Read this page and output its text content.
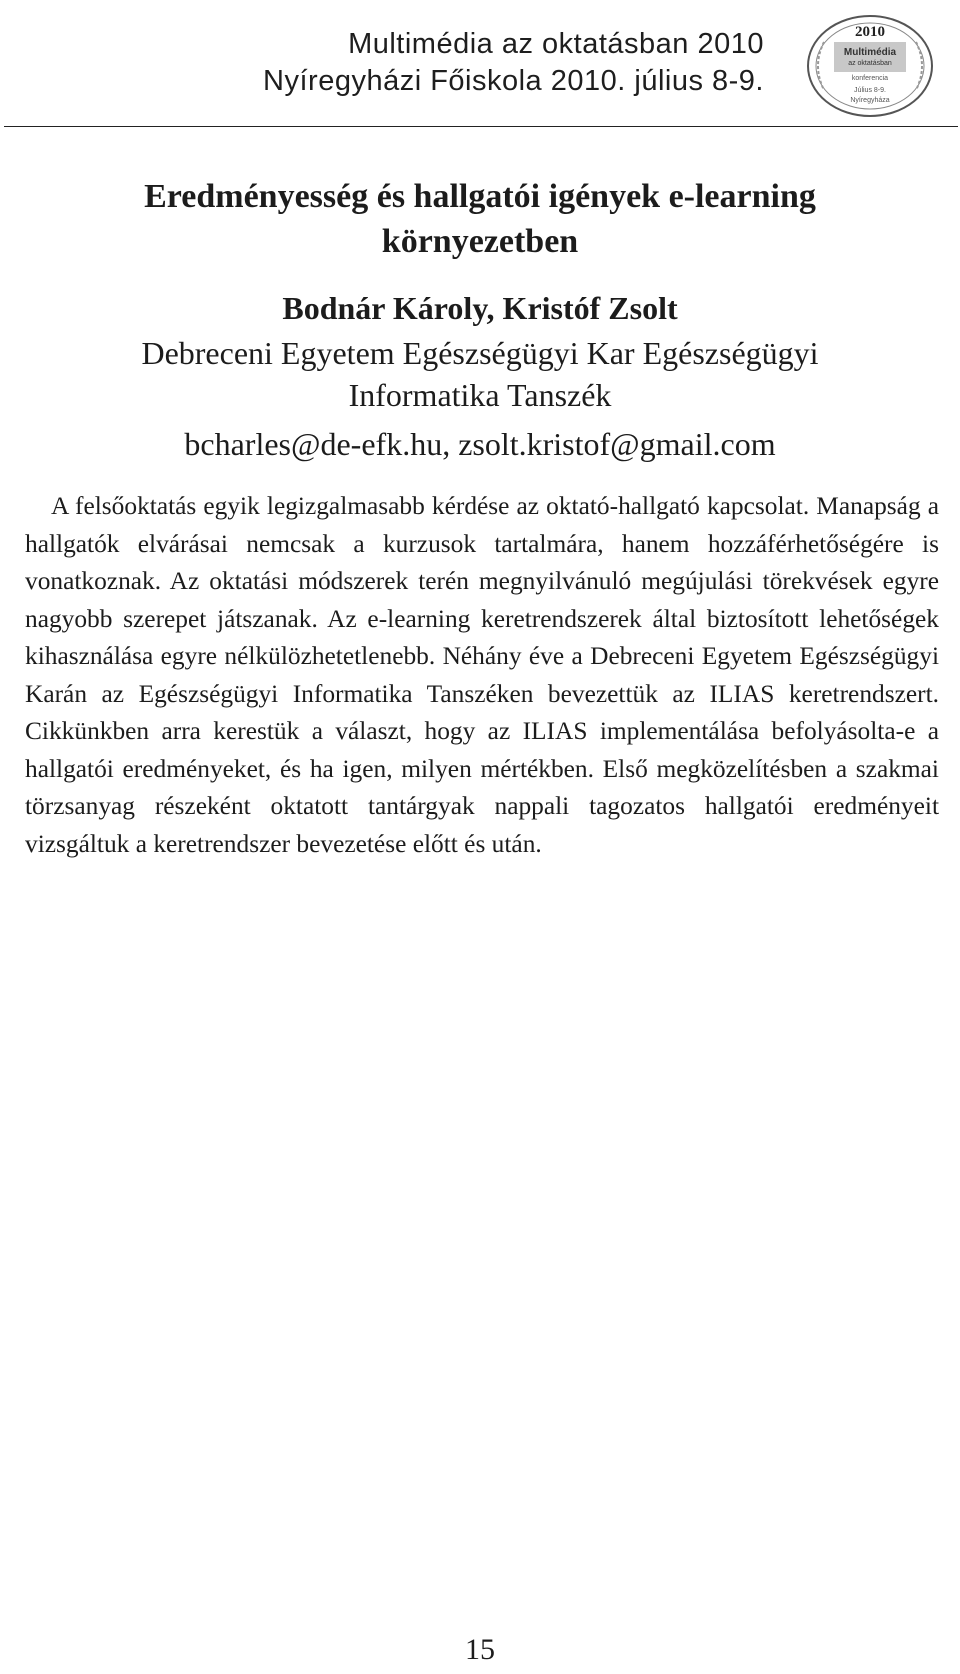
Multimédia az oktatásban 2010
Nyíregyházi Főiskola 2010. július 8-9.
2010
Multimédia
az oktatásban
konferencia
Július 8-9.
Nyíregyháza
Eredményesség és hallgatói igények e-learning
környezetben
Bodnár Károly, Kristóf Zsolt
Debreceni Egyetem Egészségügyi Kar Egészségügyi
Informatika Tanszék
bcharles@de-efk.hu, zsolt.kristof@gmail.com

A felsőoktatás egyik legizgalmasabb kérdése az oktató-hallgató kapcsolat. Manapság a hallgatók elvárásai nemcsak a kurzusok tartalmára, hanem hozzáférhetőségére is vonatkoznak. Az oktatási módszerek terén megnyilvánuló megújulási törekvések egyre nagyobb szerepet játszanak. Az e-learning keretrendszerek által biztosított lehetőségek kihasználása egyre nélkülözhetetlenebb. Néhány éve a Debreceni Egyetem Egészségügyi Karán az Egészségügyi Informatika Tanszéken bevezettük az ILIAS keretrendszert. Cikkünkben arra kerestük a választ, hogy az ILIAS implementálása befolyásolta-e a hallgatói eredményeket, és ha igen, milyen mértékben. Első megközelítésben a szakmai törzsanyag részeként oktatott tantárgyak nappali tagozatos hallgatói eredményeit vizsgáltuk a keretrendszer bevezetése előtt és után.

15
